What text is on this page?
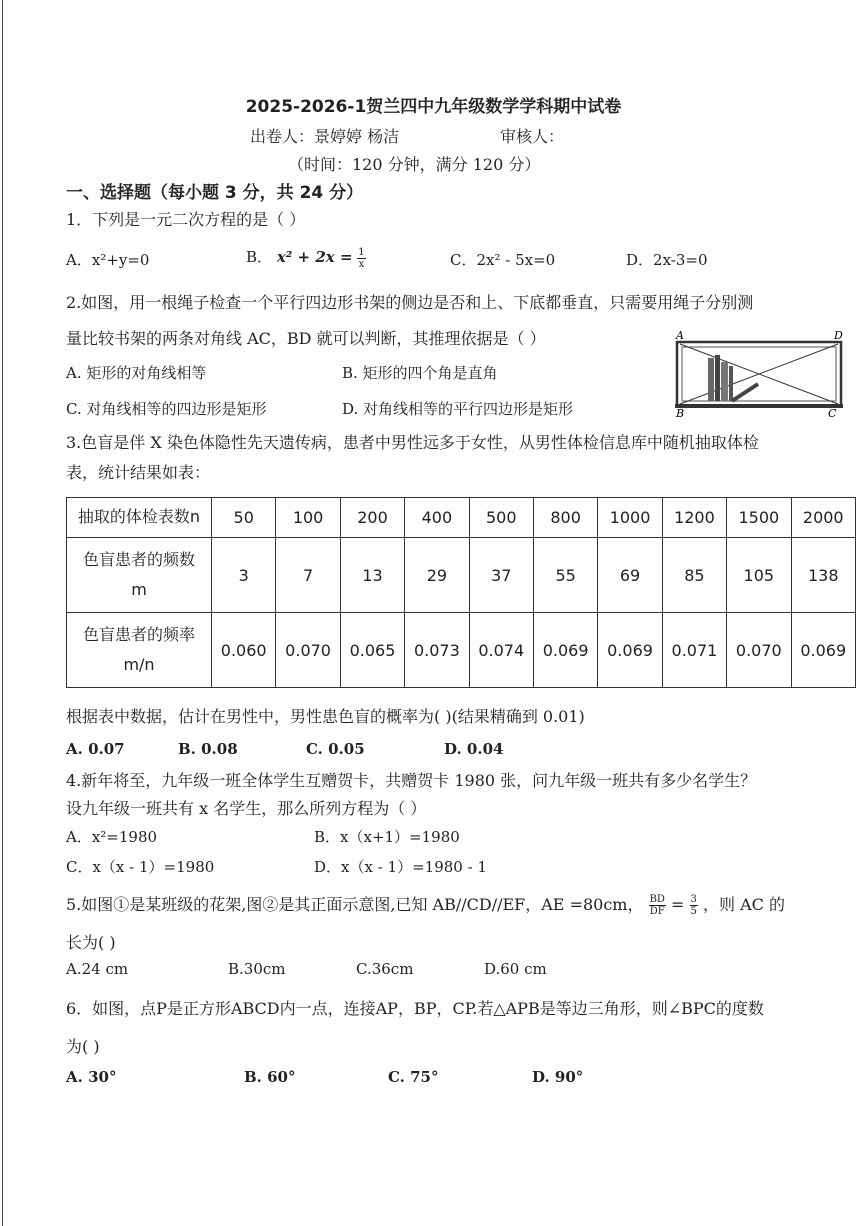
2025-2026-1贺兰四中九年级数学学科期中试卷
出卷人：景婷婷 杨洁	审核人：
（时间：120 分钟，满分 120 分）
一、选择题（每小题 3 分，共 24 分）
1．下列是一元二次方程的是（ ）
A．x²+y=0	B． $x^2 + 2x = \frac{1}{x}$	C．2x² - 5x=0	D．2x-3=0
2.如图，用一根绳子检查一个平行四边形书架的侧边是否和上、下底都垂直，只需要用绳子分别测
量比较书架的两条对角线 AC，BD 就可以判断，其推理依据是（ ）
A. 矩形的对角线相等	B. 矩形的四个角是直角
C. 对角线相等的四边形是矩形	D. 对角线相等的平行四边形是矩形
A	D
B	C
3.色盲是伴 X 染色体隐性先天遗传病，患者中男性远多于女性，从男性体检信息库中随机抽取体检
表，统计结果如表：
抽取的体检表数n	50	100	200	400	500	800	1000	1200	1500	2000

色盲患者的频数
m	3	7	13	29	37	55	69	85	105	138

色盲患者的频率
m/n	0.060	0.070	0.065	0.073	0.074	0.069	0.069	0.071	0.070	0.069
根据表中数据，估计在男性中，男性患色盲的概率为( )(结果精确到 0.01)
A. 0.07	B. 0.08	C. 0.05	D. 0.04
4.新年将至，九年级一班全体学生互赠贺卡，共赠贺卡 1980 张，问九年级一班共有多少名学生？
设九年级一班共有 x 名学生，那么所列方程为（ ）
A．x²=1980	B．x（x+1）=1980
C．x（x - 1）=1980	D．x（x - 1）=1980 - 1
5.如图①是某班级的花架,图②是其正面示意图,已知 AB//CD//EF，AE =80cm， $\frac{BD}{DF} = \frac{3}{5}$ ，则 AC 的
长为( )
A.24 cm	B.30cm	C.36cm	D.60 cm
6．如图，点P是正方形ABCD内一点，连接AP，BP，CP.若△APB是等边三角形，则∠BPC的度数
为( )
A. 30°	B. 60°	C. 75°	D. 90°
